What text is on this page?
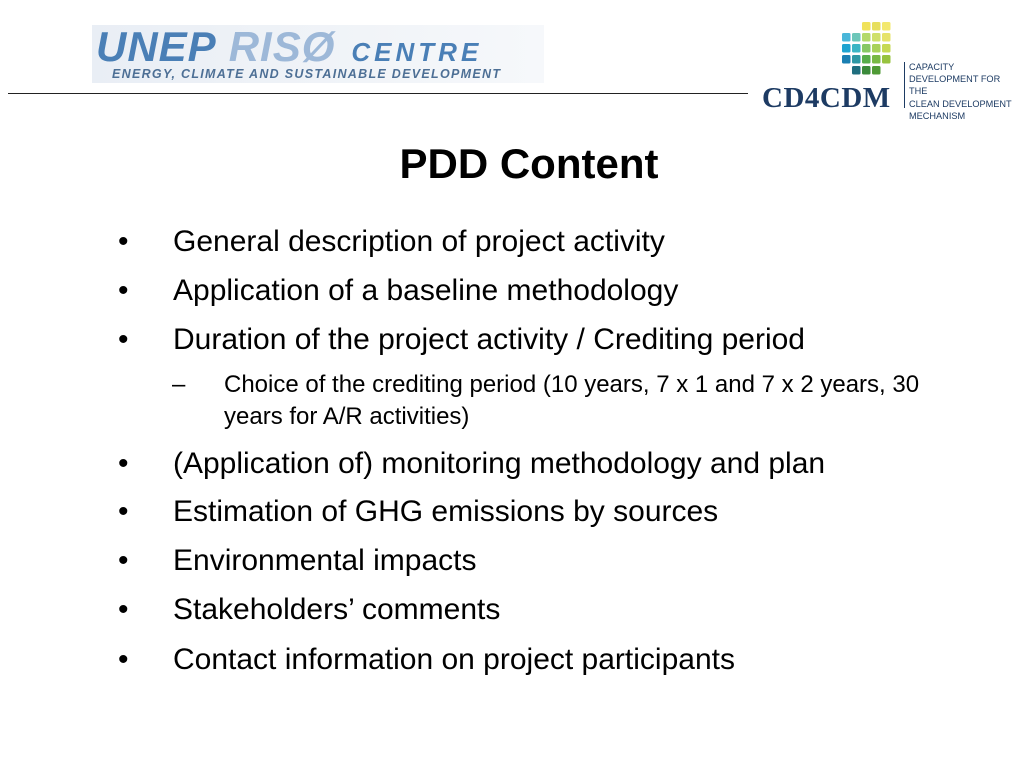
UNEP RISØ CENTRE
ENERGY, CLIMATE AND SUSTAINABLE DEVELOPMENT
CD4CDM
CAPACITY
DEVELOPMENT FOR THE
CLEAN DEVELOPMENT
MECHANISM
PDD Content
• General description of project activity
• Application of a baseline methodology
• Duration of the project activity / Crediting period
– Choice of the crediting period (10 years, 7 x 1 and 7 x 2 years, 30 years for A/R activities)
• (Application of) monitoring methodology and plan
• Estimation of GHG emissions by sources
• Environmental impacts
• Stakeholders’ comments
• Contact information on project participants
